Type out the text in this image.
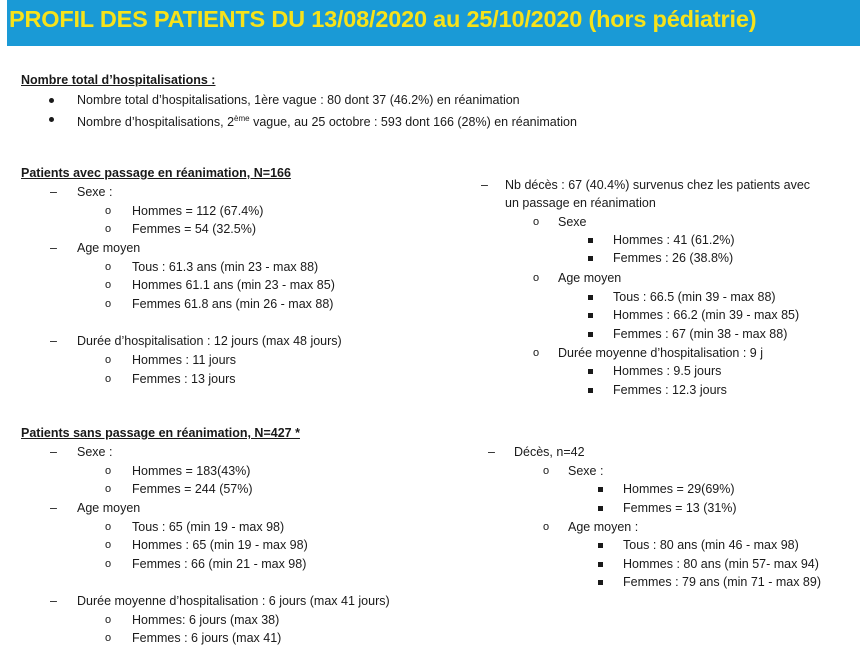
PROFIL DES PATIENTS DU 13/08/2020 au 25/10/2020 (hors pédiatrie)
Nombre total d’hospitalisations :
Nombre total d’hospitalisations, 1ère vague : 80 dont 37 (46.2%) en réanimation
Nombre d’hospitalisations, 2ème vague, au 25 octobre : 593 dont 166 (28%) en réanimation
Patients avec passage en réanimation, N=166
– Sexe :
o Hommes = 112 (67.4%)
o Femmes = 54 (32.5%)
– Age moyen
o Tous : 61.3 ans (min 23 - max 88)
o Hommes 61.1 ans (min 23 - max 85)
o Femmes 61.8 ans (min 26 - max 88)
– Durée d’hospitalisation : 12 jours (max 48 jours)
o Hommes : 11 jours
o Femmes : 13 jours
– Nb décès : 67 (40.4%) survenus chez les patients avec
un passage en réanimation
o Sexe
Hommes : 41 (61.2%)
Femmes : 26 (38.8%)
o Age moyen
Tous : 66.5 (min 39 - max 88)
Hommes : 66.2 (min 39 - max 85)
Femmes : 67 (min 38 - max 88)
o Durée moyenne d’hospitalisation : 9 j
Hommes : 9.5 jours
Femmes : 12.3 jours
Patients sans passage en réanimation, N=427 *
– Sexe :
o Hommes = 183(43%)
o Femmes = 244 (57%)
– Age moyen
o Tous : 65 (min 19 - max 98)
o Hommes : 65 (min 19 - max 98)
o Femmes : 66 (min 21 - max 98)
– Durée moyenne d’hospitalisation : 6 jours (max 41 jours)
o Hommes: 6 jours (max 38)
o Femmes : 6 jours (max 41)
– Décès, n=42
o Sexe :
Hommes = 29(69%)
Femmes = 13 (31%)
o Age moyen :
Tous : 80 ans (min 46 - max 98)
Hommes : 80 ans (min 57- max 94)
Femmes : 79 ans (min 71 - max 89)
